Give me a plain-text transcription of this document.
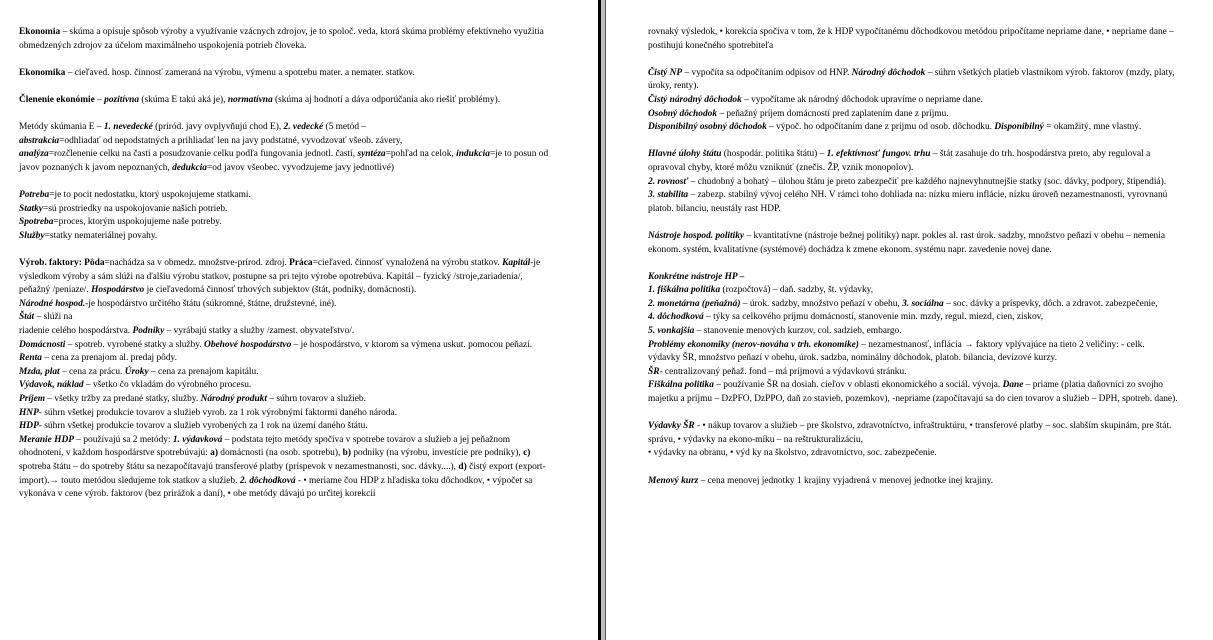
Ekonomia – skúma a opisuje spôsob výroby a využívanie vzácnych zdrojov, je to spoloč. veda, ktorá skúma problémy efektívneho využitia obmedzených zdrojov za účelom maximálneho uspokojenia potrieb človeka.

Ekonomika – cieľaved. hosp. činnosť zameraná na výrobu, výmenu a spotrebu mater. a nemater. statkov.

Členenie ekonómie – pozitívna (skúma E takú aká je), normatívna (skúma aj hodnotí a dáva odporúčania ako riešiť problémy).

Metódy skúmania E – 1. nevedecké (príród. javy ovplyvňujú chod E), 2. vedecké (5 metód –
abstrakcia=odhliadať od nepodstatných a prihliadať len na javy podstatné, vyvodzovať všeob. závery,
analýza=rozčlenenie celku na časti a posudzovanie celku podľa fungovania jednotl. častí, syntéza=pohľad na celok, indukcia=je to posun od javov poznaných k javom nepoznaných, dedukcia=od javov všeobec. vyvodzujeme javy jednotlivé)

Potreba=je to pocit nedostatku, ktorý uspokojujeme statkami.
Statky=sú prostriedky na uspokojovanie našich potrieb.
Spotreba=proces, ktorým uspokojujeme naše potreby.
Služby=statky nemateriálnej povahy.

Výrob. faktory: Pôda=nachádza sa v obmedz. množstve-prírod. zdroj. Práca=cieľaved. činnosť vynaložená na výrobu statkov. Kapitál-je výsledkom výroby a sám slúži na ďalšiu výrobu statkov, postupne sa pri tejto výrobe opotrebúva. Kapitál – fyzický /stroje,zariadenia/, peňažný /peniaze/. Hospodárstvo je cieľavedomá činnosť trhových subjektov (štát, podniky, domácnosti).
Národné hospod.-je hospodárstvo určitého štátu (súkromné, štátne, družstevné, iné).
Štát – slúži na
riadenie celého hospodárstva. Podniky – vyrábajú statky a služby /zamest. obyvateľstvo/.
Domácnosti – spotreb. vyrobené statky a služby. Obehové hospodárstvo – je hospodárstvo, v ktorom sa výmena uskut. pomocou peňazí.
Renta – cena za prenajom al. predaj pôdy.
Mzda, plat – cena za prácu. Úroky – cena za prenajom kapitálu.
Výdavok, náklad – všetko čo vkladám do výrobného procesu.
Príjem – všetky tržby za predané statky, služby. Národný produkt – súhrn tovarov a služieb.
HNP- súhrn všetkej produkcie tovarov a služieb vyrob. za 1 rok výrobnými faktormi daného národa.
HDP- súhrn všetkej produkcie tovarov a služieb vyrobených za 1 rok na území daného štátu.
Meranie HDP – používajú sa 2 metódy: 1. výdavková – podstata tejto metódy spočíva v spotrebe tovarov a služieb a jej peňažnom ohodnotení, v každom hospodárstve spotrebúvajú: a) domácnosti (na osob. spotrebu), b) podniky (na výrobu, investície pre podniky), c) spotreba štátu – do spotreby štátu sa nezapočítavajú transferové platby (príspevok v nezamestnanosti, soc. dávky....), d) čistý export (export-import).→ touto metódou sledujeme tok statkov a služieb. 2. dôchodková - • meriame čou HDP z hľadiska toku dôchodkov, • výpočet sa vykonáva v cene výrob. faktorov (bez prirážok a daní), • obe metódy dávajú po určitej korekcii

rovnaký výsledok, • korekcia spočíva v tom, že k HDP vypočítanému dôchodkovou metódou pripočítame nepriame dane, • nepriame dane – postihujú konečného spotrebiteľa

Čistý NP – vypočíta sa odpočítaním odpisov od HNP. Národný dôchodok – súhrn všetkých platieb vlastníkom výrob. faktorov (mzdy, platy, úroky, renty).
Čistý národný dôchodok – vypočítame ak národný dôchodok upravíme o nepriame dane.
Osobný dôchodok – peňažný príjem domácností pred zaplatením dane z príjmu.
Disponibilný osobný dôchodok – výpoč. ho odpočítaním dane z príjmu od osob. dôchodku. Disponibilný = okamžitý, mne vlastný.

Hlavné úlohy štátu (hospodár. politika štátu) – 1. efektívnosť fungov. trhu – štát zasahuje do trh. hospodárstva preto, aby reguloval a opravoval chyby, ktoré môžu vzniknúť (znečis. ŽP, vznik monopolov).
2. rovnosť – chudobný a bohatý – úlohou štátu je preto zabezpečiť pre každého najnevyhnutnejšie statky (soc. dávky, podpory, štipendiá).
3. stabilita – zabezp. stabilný vývoj celého NH. V rámci toho dohliada na: nízku mieru inflácie, nízku úroveň nezamestnanosti, vyrovnanú platob. bilanciu, neustály rast HDP.

Nástroje hospod. politiky – kvantitatívne (nástroje bežnej politiky) napr. pokles al. rast úrok. sadzby, množstvo peňazí v obehu – nemenia ekonom. systém, kvalitatívne (systémové) dochádza k zmene ekonom. systému napr. zavedenie novej dane.

Konkrétne nástroje HP –
1. fiškálna politika (rozpočtová) – daň. sadzby, št. výdavky,
2. monetárna (peňažná) – úrok. sadzby, množstvo peňazí v obehu, 3. sociálna – soc. dávky a príspevky, dôch. a zdravot. zabezpečenie,
4. dôchodková – týky sa celkového príjmu domácností, stanovenie min. mzdy, regul. miezd, cien, ziskov,
5. vonkajšia – stanovenie menových kurzov, col. sadzieb, embargo.
Problémy ekonomiky (nerov-nováha v trh. ekonomike) – nezamestnanosť, inflácia → faktory vplývajúce na tieto 2 veličiny: - celk. výdavky ŠR, množstvo peňazí v obehu, úrok. sadzba, nominálny dôchodok, platob. bilancia, devízové kurzy.
ŠR- centralizovaný peňaž. fond – má príjmovú a výdavkovú stránku.
Fiškálna politika – používanie ŠR na dosiah. cieľov v oblasti ekonomického a sociál. vývoja. Dane – priame (platia daňovníci zo svojho majetku a príjmu – DzPFO, DzPPO, daň zo stavieb, pozemkov), -nepriame (započítavajú sa do cien tovarov a služieb – DPH, spotreb. dane).

Výdavky ŠR - • nákup tovarov a služieb – pre školstvo, zdravotníctvo, infraštruktúru, • transferové platby – soc. slabším skupinám, pre štát. správu, • výdavky na ekono-míku – na reštrukturalizáciu,
• výdavky na obranu, • výd ky na školstvo, zdravotníctvo, soc. zabezpečenie.

Menový kurz – cena menovej jednotky 1 krajiny vyjadrená v menovej jednotke inej krajiny.
